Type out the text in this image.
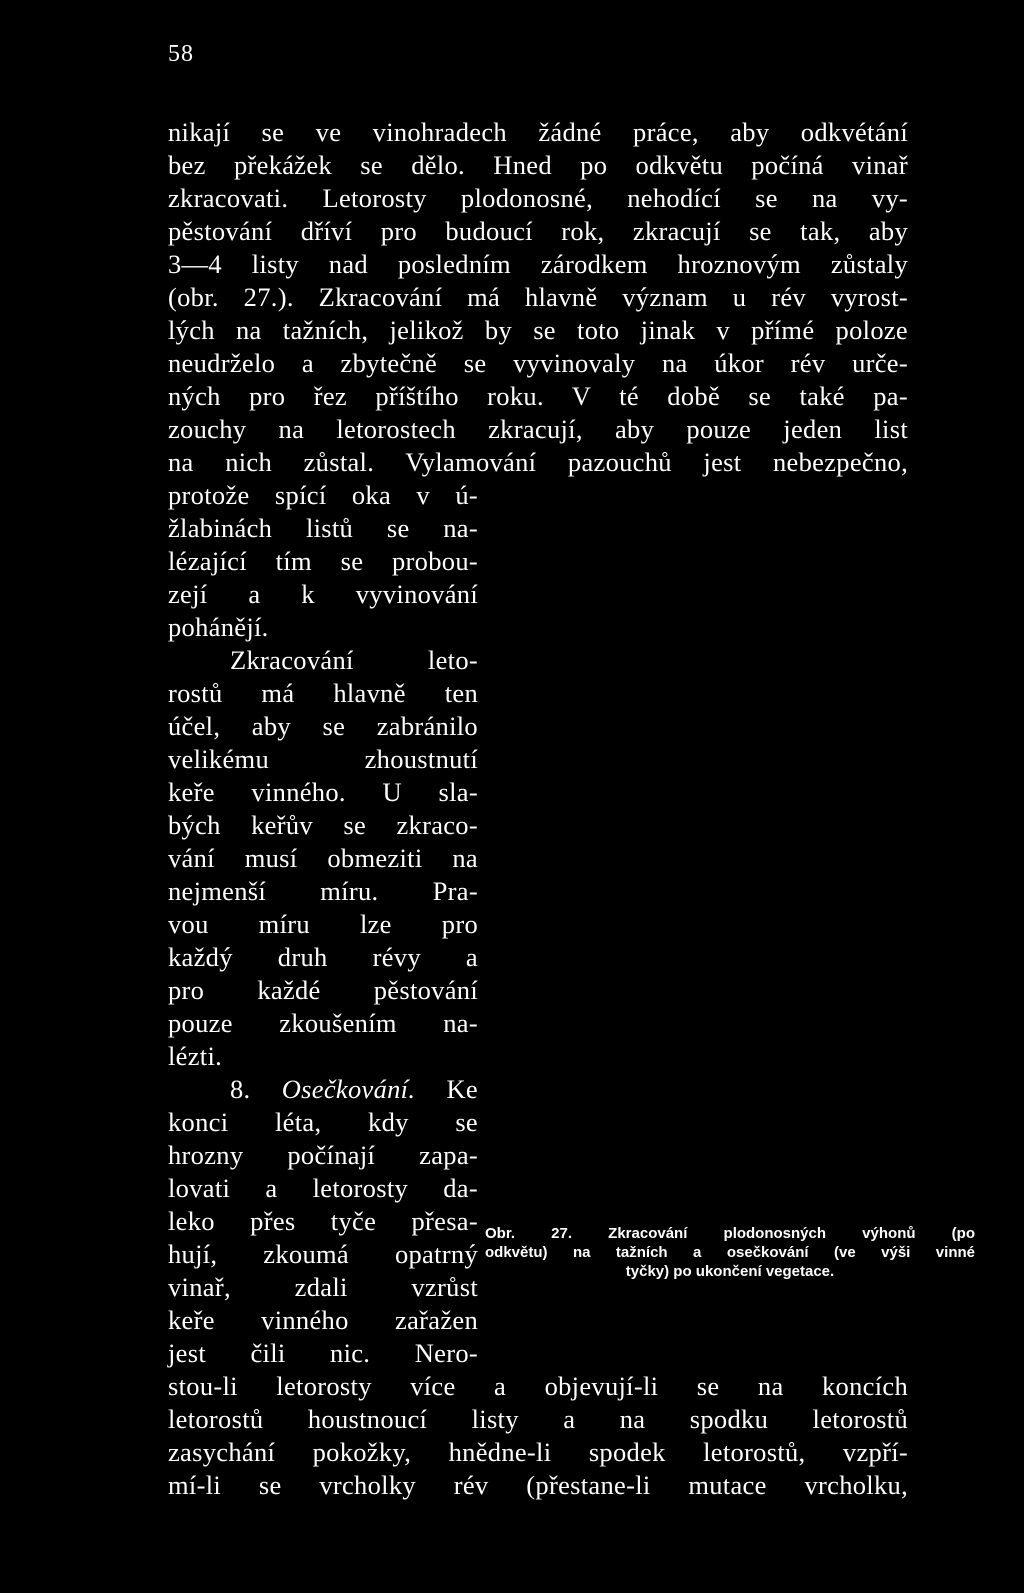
58
nikají se ve vinohradech žádné práce, aby odkvétání
bez překážek se dělo. Hned po odkvětu počíná vinař
zkracovati. Letorosty plodonosné, nehodící se na vy-
pěstování dříví pro budoucí rok, zkracují se tak, aby
3—4 listy nad posledním zárodkem hroznovým zůstaly
(obr. 27.). Zkracování má hlavně význam u rév vyrost-
lých na tažních, jelikož by se toto jinak v přímé poloze
neudrželo a zbytečně se vyvinovaly na úkor rév urče-
ných pro řez příštího roku. V té době se také pa-
zouchy na letorostech zkracují, aby pouze jeden list
na nich zůstal. Vylamování pazouchů jest nebezpečno,
protože spící oka v ú-
žlabinách listů se na-
lézající tím se probou-
zejí a k vyvinování
pohánějí.
Zkracování leto-
rostů má hlavně ten
účel, aby se zabránilo
velikému zhoustnutí
keře vinného. U sla-
bých keřův se zkraco-
vání musí obmeziti na
nejmenší míru. Pra-
vou míru lze pro
každý druh révy a
pro každé pěstování
pouze zkoušením na-
lézti.
8. Osečkování. Ke
konci léta, kdy se
hrozny počínají zapa-
lovati a letorosty da-
leko přes tyče přesa-
hují, zkoumá opatrný
vinař, zdali vzrůst
keře vinného zařažen
jest čili nic. Nero-
stou-li letorosty více a objevují-li se na koncích
letorostů houstnoucí listy a na spodku letorostů
zasychání pokožky, hnědne-li spodek letorostů, vzpří-
mí-li se vrcholky rév (přestane-li mutace vrcholku,
Obr. 27. Zkracování plodonosných výhonů (po
odkvětu) na tažních a osečkování (ve výši vinné
tyčky) po ukončení vegetace.
